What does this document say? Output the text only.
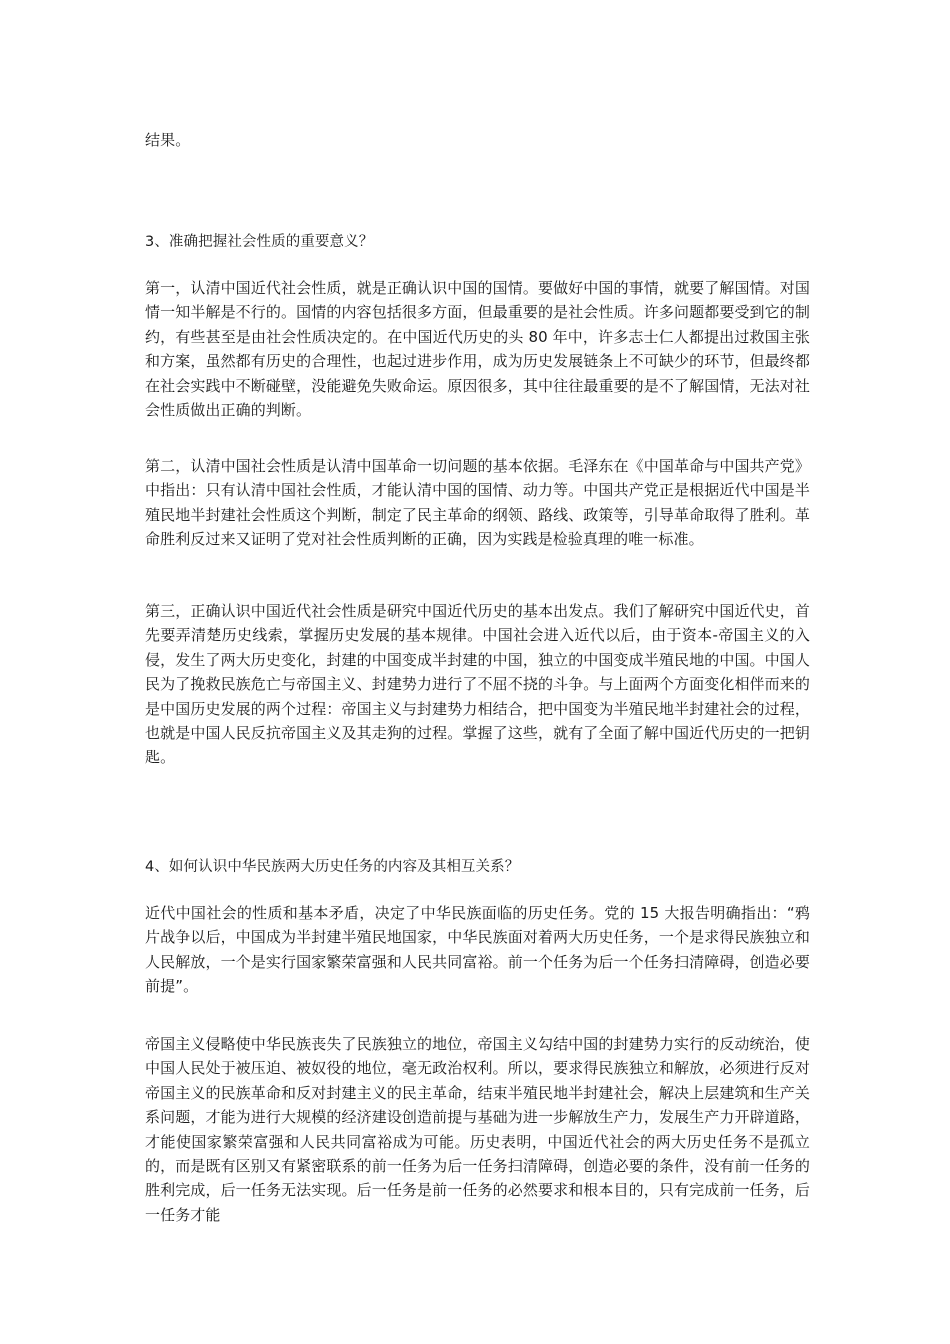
结果。

3、准确把握社会性质的重要意义？

第一，认清中国近代社会性质，就是正确认识中国的国情。要做好中国的事情，就要了解国情。对国情一知半解是不行的。国情的内容包括很多方面，但最重要的是社会性质。许多问题都要受到它的制约，有些甚至是由社会性质决定的。在中国近代历史的头 80 年中，许多志士仁人都提出过救国主张和方案，虽然都有历史的合理性，也起过进步作用，成为历史发展链条上不可缺少的环节，但最终都在社会实践中不断碰壁，没能避免失败命运。原因很多，其中往往最重要的是不了解国情，无法对社会性质做出正确的判断。

第二，认清中国社会性质是认清中国革命一切问题的基本依据。毛泽东在《中国革命与中国共产党》中指出：只有认清中国社会性质，才能认清中国的国情、动力等。中国共产党正是根据近代中国是半殖民地半封建社会性质这个判断，制定了民主革命的纲领、路线、政策等，引导革命取得了胜利。革命胜利反过来又证明了党对社会性质判断的正确，因为实践是检验真理的唯一标准。

第三，正确认识中国近代社会性质是研究中国近代历史的基本出发点。我们了解研究中国近代史，首先要弄清楚历史线索，掌握历史发展的基本规律。中国社会进入近代以后，由于资本-帝国主义的入侵，发生了两大历史变化，封建的中国变成半封建的中国，独立的中国变成半殖民地的中国。中国人民为了挽救民族危亡与帝国主义、封建势力进行了不屈不挠的斗争。与上面两个方面变化相伴而来的是中国历史发展的两个过程：帝国主义与封建势力相结合，把中国变为半殖民地半封建社会的过程，也就是中国人民反抗帝国主义及其走狗的过程。掌握了这些，就有了全面了解中国近代历史的一把钥匙。

4、如何认识中华民族两大历史任务的内容及其相互关系？

近代中国社会的性质和基本矛盾，决定了中华民族面临的历史任务。党的 15 大报告明确指出：“鸦片战争以后，中国成为半封建半殖民地国家，中华民族面对着两大历史任务，一个是求得民族独立和人民解放，一个是实行国家繁荣富强和人民共同富裕。前一个任务为后一个任务扫清障碍，创造必要前提”。

帝国主义侵略使中华民族丧失了民族独立的地位，帝国主义勾结中国的封建势力实行的反动统治，使中国人民处于被压迫、被奴役的地位，毫无政治权利。所以，要求得民族独立和解放，必须进行反对帝国主义的民族革命和反对封建主义的民主革命，结束半殖民地半封建社会，解决上层建筑和生产关系问题，才能为进行大规模的经济建设创造前提与基础为进一步解放生产力，发展生产力开辟道路，才能使国家繁荣富强和人民共同富裕成为可能。历史表明，中国近代社会的两大历史任务不是孤立的，而是既有区别又有紧密联系的前一任务为后一任务扫清障碍，创造必要的条件，没有前一任务的胜利完成，后一任务无法实现。后一任务是前一任务的必然要求和根本目的，只有完成前一任务，后一任务才能
